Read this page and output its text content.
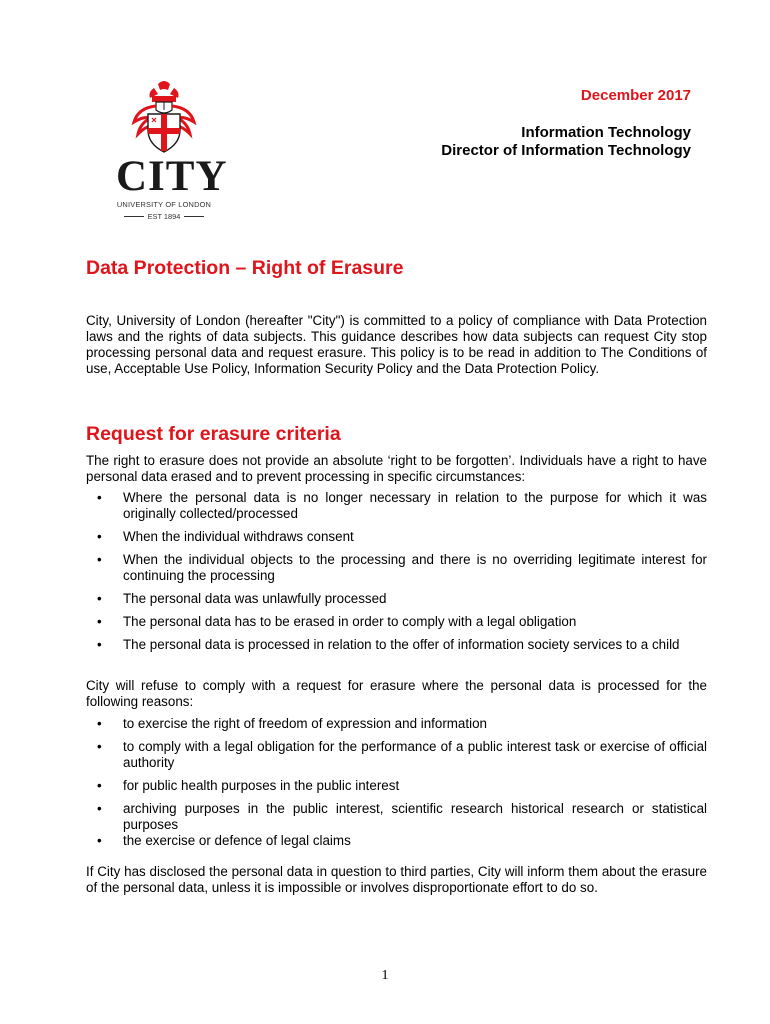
CITY
UNIVERSITY OF LONDON
EST 1894
December 2017
Information Technology
Director of Information Technology
Data Protection – Right of Erasure

City, University of London (hereafter "City") is committed to a policy of compliance with Data Protection laws and the rights of data subjects. This guidance describes how data subjects can request City stop processing personal data and request erasure. This policy is to be read in addition to The Conditions of use, Acceptable Use Policy, Information Security Policy and the Data Protection Policy.

Request for erasure criteria

The right to erasure does not provide an absolute ‘right to be forgotten’. Individuals have a right to have personal data erased and to prevent processing in specific circumstances:

• Where the personal data is no longer necessary in relation to the purpose for which it was originally collected/processed
• When the individual withdraws consent
• When the individual objects to the processing and there is no overriding legitimate interest for continuing the processing
• The personal data was unlawfully processed
• The personal data has to be erased in order to comply with a legal obligation
• The personal data is processed in relation to the offer of information society services to a child

City will refuse to comply with a request for erasure where the personal data is processed for the following reasons:

• to exercise the right of freedom of expression and information
• to comply with a legal obligation for the performance of a public interest task or exercise of official authority
• for public health purposes in the public interest
• archiving purposes in the public interest, scientific research historical research or statistical purposes
• the exercise or defence of legal claims

If City has disclosed the personal data in question to third parties, City will inform them about the erasure of the personal data, unless it is impossible or involves disproportionate effort to do so.

1
